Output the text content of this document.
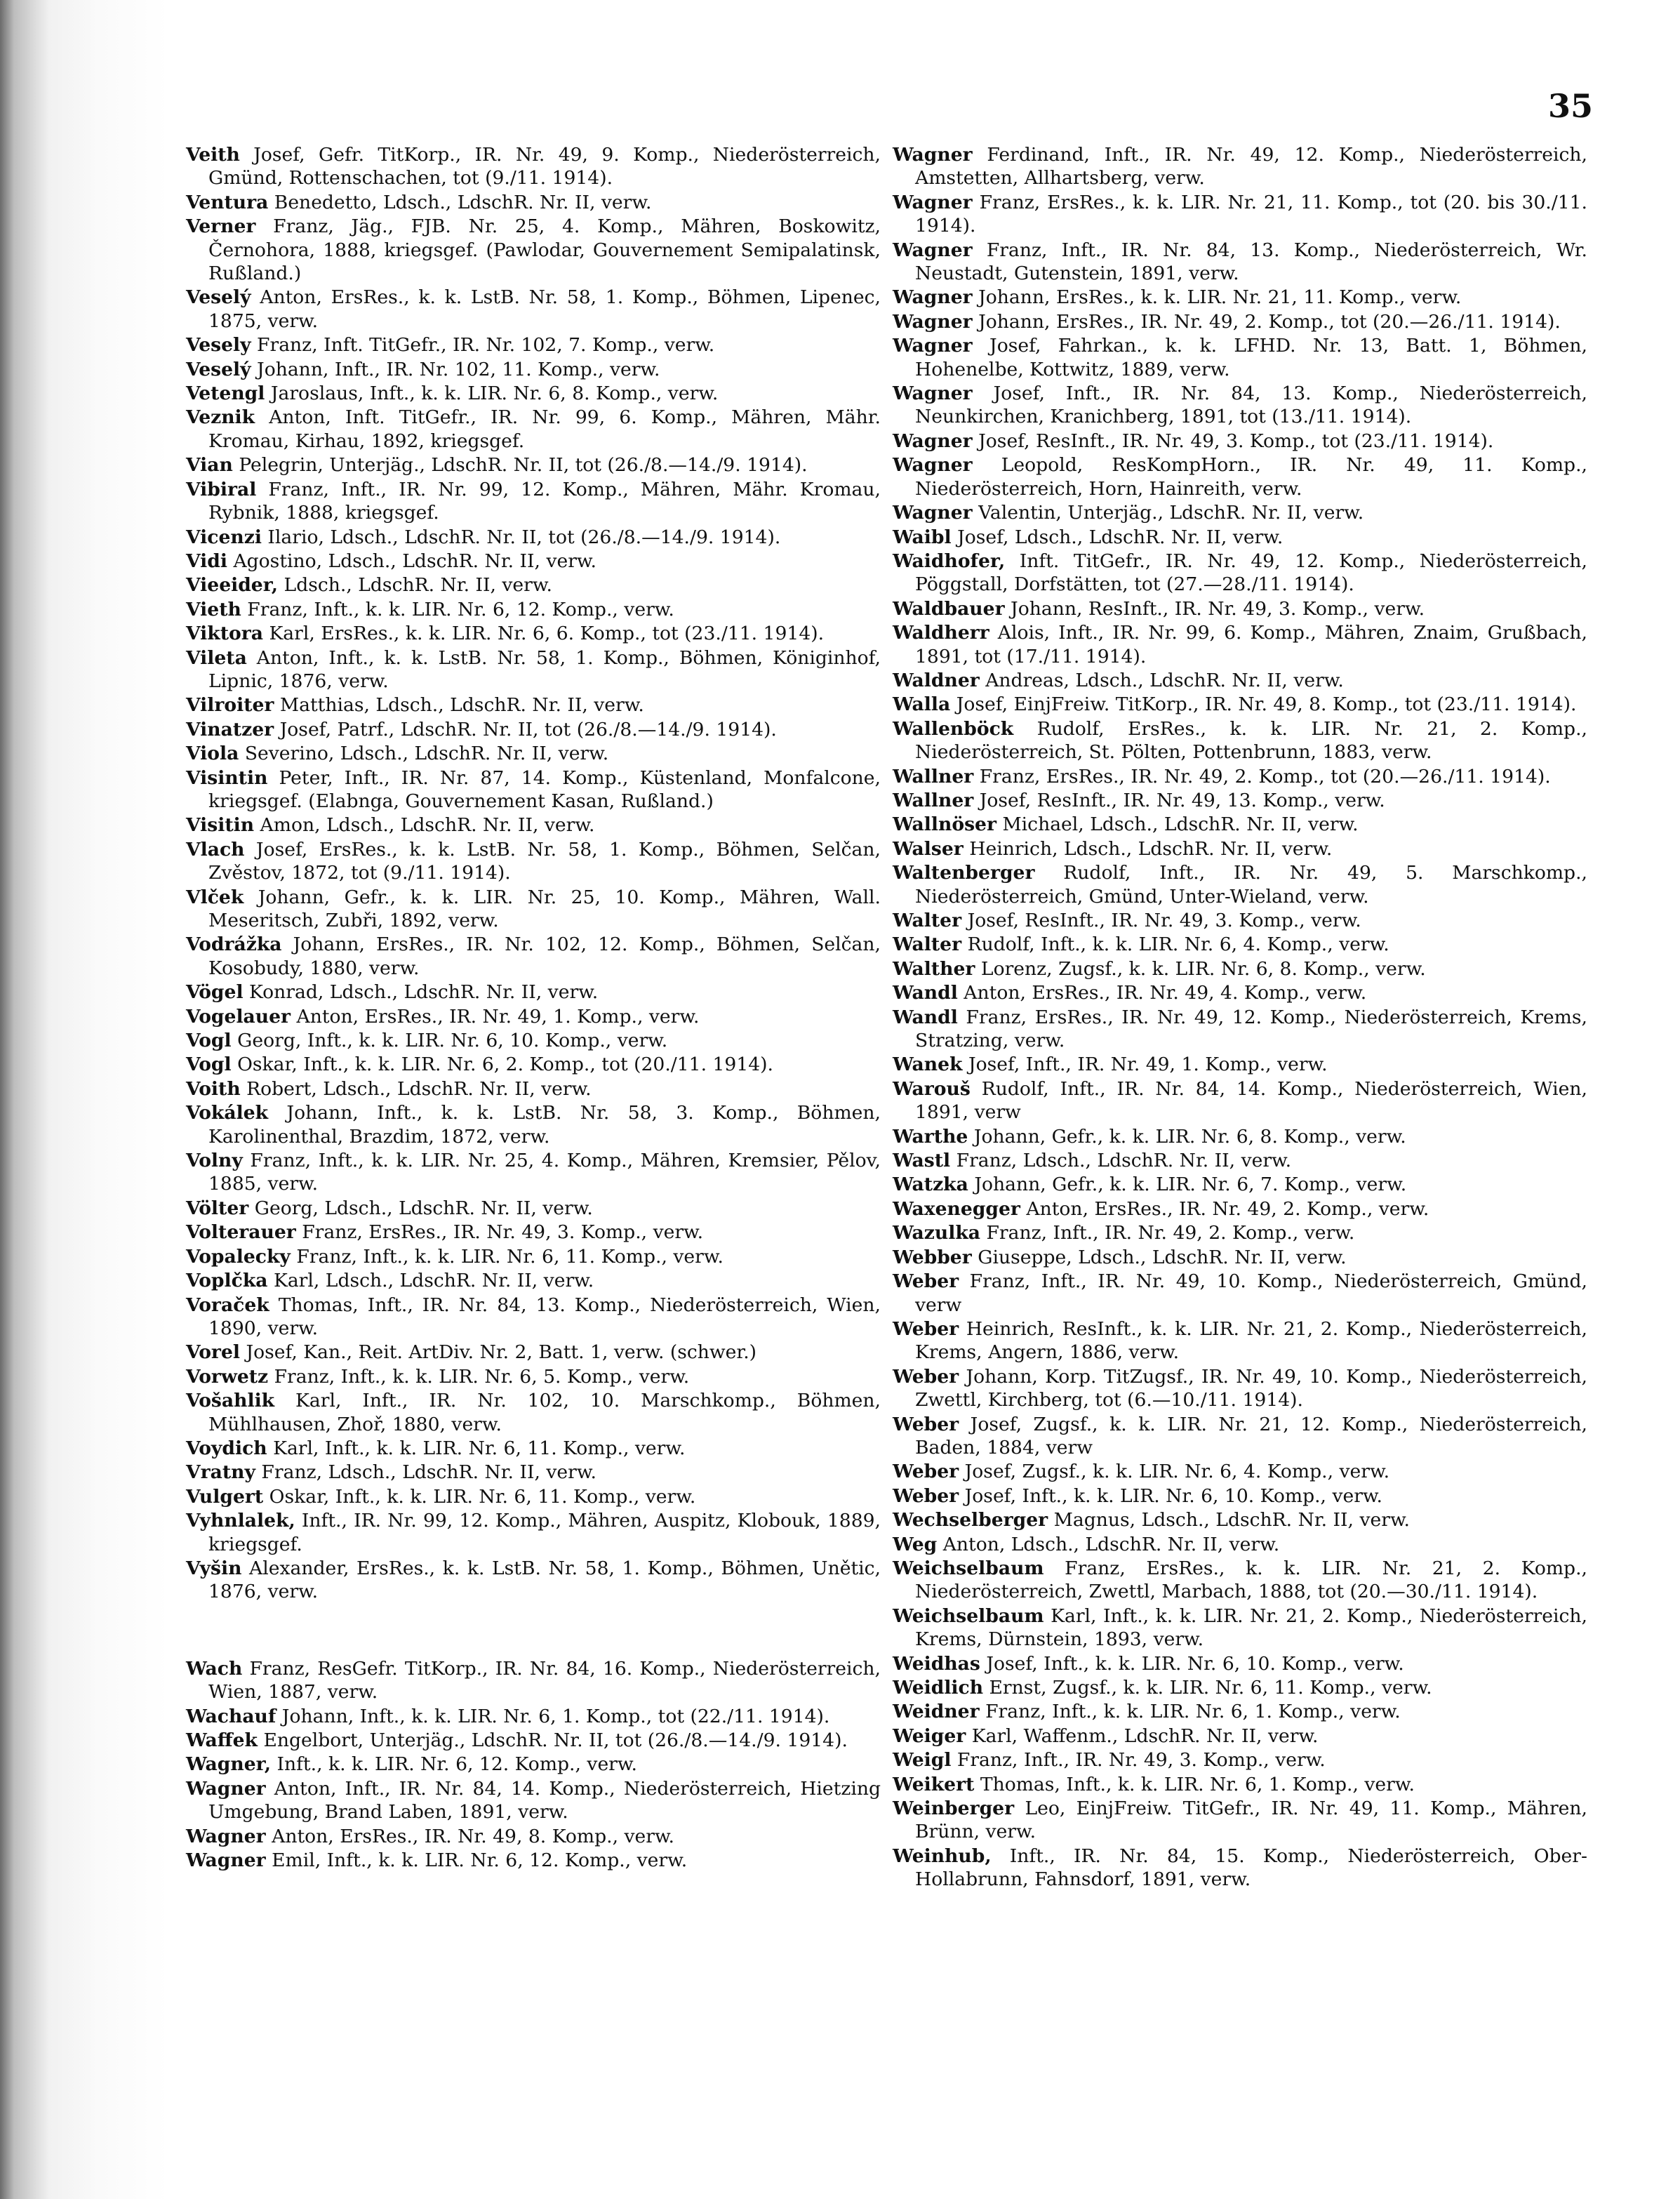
35

Veith Josef, Gefr. TitKorp., IR. Nr. 49, 9. Komp., Niederösterreich, Gmünd, Rottenschachen, tot (9./11. 1914).

Ventura Benedetto, Ldsch., LdschR. Nr. II, verw.

Verner Franz, Jäg., FJB. Nr. 25, 4. Komp., Mähren, Boskowitz, Černohora, 1888, kriegsgef. (Pawlodar, Gouvernement Semipalatinsk, Rußland.)

Veselý Anton, ErsRes., k. k. LstB. Nr. 58, 1. Komp., Böhmen, Lipenec, 1875, verw.

Vesely Franz, Inft. TitGefr., IR. Nr. 102, 7. Komp., verw.

Veselý Johann, Inft., IR. Nr. 102, 11. Komp., verw.

Vetengl Jaroslaus, Inft., k. k. LIR. Nr. 6, 8. Komp., verw.

Veznik Anton, Inft. TitGefr., IR. Nr. 99, 6. Komp., Mähren, Mähr. Kromau, Kirhau, 1892, kriegsgef.

Vian Pelegrin, Unterjäg., LdschR. Nr. II, tot (26./8.—14./9. 1914).

Vibiral Franz, Inft., IR. Nr. 99, 12. Komp., Mähren, Mähr. Kromau, Rybnik, 1888, kriegsgef.

Vicenzi Ilario, Ldsch., LdschR. Nr. II, tot (26./8.—14./9. 1914).

Vidi Agostino, Ldsch., LdschR. Nr. II, verw.

Vieeider, Ldsch., LdschR. Nr. II, verw.

Vieth Franz, Inft., k. k. LIR. Nr. 6, 12. Komp., verw.

Viktora Karl, ErsRes., k. k. LIR. Nr. 6, 6. Komp., tot (23./11. 1914).

Vileta Anton, Inft., k. k. LstB. Nr. 58, 1. Komp., Böhmen, Königinhof, Lipnic, 1876, verw.

Vilroiter Matthias, Ldsch., LdschR. Nr. II, verw.

Vinatzer Josef, Patrf., LdschR. Nr. II, tot (26./8.—14./9. 1914).

Viola Severino, Ldsch., LdschR. Nr. II, verw.

Visintin Peter, Inft., IR. Nr. 87, 14. Komp., Küstenland, Monfalcone, kriegsgef. (Elabnga, Gouvernement Kasan, Rußland.)

Visitin Amon, Ldsch., LdschR. Nr. II, verw.

Vlach Josef, ErsRes., k. k. LstB. Nr. 58, 1. Komp., Böhmen, Selčan, Zvěstov, 1872, tot (9./11. 1914).

Vlček Johann, Gefr., k. k. LIR. Nr. 25, 10. Komp., Mähren, Wall. Meseritsch, Zubři, 1892, verw.

Vodrážka Johann, ErsRes., IR. Nr. 102, 12. Komp., Böhmen, Selčan, Kosobudy, 1880, verw.

Vögel Konrad, Ldsch., LdschR. Nr. II, verw.

Vogelauer Anton, ErsRes., IR. Nr. 49, 1. Komp., verw.

Vogl Georg, Inft., k. k. LIR. Nr. 6, 10. Komp., verw.

Vogl Oskar, Inft., k. k. LIR. Nr. 6, 2. Komp., tot (20./11. 1914).

Voith Robert, Ldsch., LdschR. Nr. II, verw.

Vokálek Johann, Inft., k. k. LstB. Nr. 58, 3. Komp., Böhmen, Karolinenthal, Brazdim, 1872, verw.

Volny Franz, Inft., k. k. LIR. Nr. 25, 4. Komp., Mähren, Kremsier, Pělov, 1885, verw.

Völter Georg, Ldsch., LdschR. Nr. II, verw.

Volterauer Franz, ErsRes., IR. Nr. 49, 3. Komp., verw.

Vopalecky Franz, Inft., k. k. LIR. Nr. 6, 11. Komp., verw.

Voplčka Karl, Ldsch., LdschR. Nr. II, verw.

Voraček Thomas, Inft., IR. Nr. 84, 13. Komp., Niederösterreich, Wien, 1890, verw.

Vorel Josef, Kan., Reit. ArtDiv. Nr. 2, Batt. 1, verw. (schwer.)

Vorwetz Franz, Inft., k. k. LIR. Nr. 6, 5. Komp., verw.

Vošahlik Karl, Inft., IR. Nr. 102, 10. Marschkomp., Böhmen, Mühlhausen, Zhoř, 1880, verw.

Voydich Karl, Inft., k. k. LIR. Nr. 6, 11. Komp., verw.

Vratny Franz, Ldsch., LdschR. Nr. II, verw.

Vulgert Oskar, Inft., k. k. LIR. Nr. 6, 11. Komp., verw.

Vyhnlalek, Inft., IR. Nr. 99, 12. Komp., Mähren, Auspitz, Klobouk, 1889, kriegsgef.

Vyšin Alexander, ErsRes., k. k. LstB. Nr. 58, 1. Komp., Böhmen, Unětic, 1876, verw.

Wach Franz, ResGefr. TitKorp., IR. Nr. 84, 16. Komp., Niederösterreich, Wien, 1887, verw.

Wachauf Johann, Inft., k. k. LIR. Nr. 6, 1. Komp., tot (22./11. 1914).

Waffek Engelbort, Unterjäg., LdschR. Nr. II, tot (26./8.—14./9. 1914).

Wagner, Inft., k. k. LIR. Nr. 6, 12. Komp., verw.

Wagner Anton, Inft., IR. Nr. 84, 14. Komp., Niederösterreich, Hietzing Umgebung, Brand Laben, 1891, verw.

Wagner Anton, ErsRes., IR. Nr. 49, 8. Komp., verw.

Wagner Emil, Inft., k. k. LIR. Nr. 6, 12. Komp., verw.

Wagner Ferdinand, Inft., IR. Nr. 49, 12. Komp., Niederösterreich, Amstetten, Allhartsberg, verw.

Wagner Franz, ErsRes., k. k. LIR. Nr. 21, 11. Komp., tot (20. bis 30./11. 1914).

Wagner Franz, Inft., IR. Nr. 84, 13. Komp., Niederösterreich, Wr. Neustadt, Gutenstein, 1891, verw.

Wagner Johann, ErsRes., k. k. LIR. Nr. 21, 11. Komp., verw.

Wagner Johann, ErsRes., IR. Nr. 49, 2. Komp., tot (20.—26./11. 1914).

Wagner Josef, Fahrkan., k. k. LFHD. Nr. 13, Batt. 1, Böhmen, Hohenelbe, Kottwitz, 1889, verw.

Wagner Josef, Inft., IR. Nr. 84, 13. Komp., Niederösterreich, Neunkirchen, Kranichberg, 1891, tot (13./11. 1914).

Wagner Josef, ResInft., IR. Nr. 49, 3. Komp., tot (23./11. 1914).

Wagner Leopold, ResKompHorn., IR. Nr. 49, 11. Komp., Niederösterreich, Horn, Hainreith, verw.

Wagner Valentin, Unterjäg., LdschR. Nr. II, verw.

Waibl Josef, Ldsch., LdschR. Nr. II, verw.

Waidhofer, Inft. TitGefr., IR. Nr. 49, 12. Komp., Niederösterreich, Pöggstall, Dorfstätten, tot (27.—28./11. 1914).

Waldbauer Johann, ResInft., IR. Nr. 49, 3. Komp., verw.

Waldherr Alois, Inft., IR. Nr. 99, 6. Komp., Mähren, Znaim, Grußbach, 1891, tot (17./11. 1914).

Waldner Andreas, Ldsch., LdschR. Nr. II, verw.

Walla Josef, EinjFreiw. TitKorp., IR. Nr. 49, 8. Komp., tot (23./11. 1914).

Wallenböck Rudolf, ErsRes., k. k. LIR. Nr. 21, 2. Komp., Niederösterreich, St. Pölten, Pottenbrunn, 1883, verw.

Wallner Franz, ErsRes., IR. Nr. 49, 2. Komp., tot (20.—26./11. 1914).

Wallner Josef, ResInft., IR. Nr. 49, 13. Komp., verw.

Wallnöser Michael, Ldsch., LdschR. Nr. II, verw.

Walser Heinrich, Ldsch., LdschR. Nr. II, verw.

Waltenberger Rudolf, Inft., IR. Nr. 49, 5. Marschkomp., Niederösterreich, Gmünd, Unter-Wieland, verw.

Walter Josef, ResInft., IR. Nr. 49, 3. Komp., verw.

Walter Rudolf, Inft., k. k. LIR. Nr. 6, 4. Komp., verw.

Walther Lorenz, Zugsf., k. k. LIR. Nr. 6, 8. Komp., verw.

Wandl Anton, ErsRes., IR. Nr. 49, 4. Komp., verw.

Wandl Franz, ErsRes., IR. Nr. 49, 12. Komp., Niederösterreich, Krems, Stratzing, verw.

Wanek Josef, Inft., IR. Nr. 49, 1. Komp., verw.

Warouš Rudolf, Inft., IR. Nr. 84, 14. Komp., Niederösterreich, Wien, 1891, verw

Warthe Johann, Gefr., k. k. LIR. Nr. 6, 8. Komp., verw.

Wastl Franz, Ldsch., LdschR. Nr. II, verw.

Watzka Johann, Gefr., k. k. LIR. Nr. 6, 7. Komp., verw.

Waxenegger Anton, ErsRes., IR. Nr. 49, 2. Komp., verw.

Wazulka Franz, Inft., IR. Nr. 49, 2. Komp., verw.

Webber Giuseppe, Ldsch., LdschR. Nr. II, verw.

Weber Franz, Inft., IR. Nr. 49, 10. Komp., Niederösterreich, Gmünd, verw

Weber Heinrich, ResInft., k. k. LIR. Nr. 21, 2. Komp., Niederösterreich, Krems, Angern, 1886, verw.

Weber Johann, Korp. TitZugsf., IR. Nr. 49, 10. Komp., Niederösterreich, Zwettl, Kirchberg, tot (6.—10./11. 1914).

Weber Josef, Zugsf., k. k. LIR. Nr. 21, 12. Komp., Niederösterreich, Baden, 1884, verw

Weber Josef, Zugsf., k. k. LIR. Nr. 6, 4. Komp., verw.

Weber Josef, Inft., k. k. LIR. Nr. 6, 10. Komp., verw.

Wechselberger Magnus, Ldsch., LdschR. Nr. II, verw.

Weg Anton, Ldsch., LdschR. Nr. II, verw.

Weichselbaum Franz, ErsRes., k. k. LIR. Nr. 21, 2. Komp., Niederösterreich, Zwettl, Marbach, 1888, tot (20.—30./11. 1914).

Weichselbaum Karl, Inft., k. k. LIR. Nr. 21, 2. Komp., Niederösterreich, Krems, Dürnstein, 1893, verw.

Weidhas Josef, Inft., k. k. LIR. Nr. 6, 10. Komp., verw.

Weidlich Ernst, Zugsf., k. k. LIR. Nr. 6, 11. Komp., verw.

Weidner Franz, Inft., k. k. LIR. Nr. 6, 1. Komp., verw.

Weiger Karl, Waffenm., LdschR. Nr. II, verw.

Weigl Franz, Inft., IR. Nr. 49, 3. Komp., verw.

Weikert Thomas, Inft., k. k. LIR. Nr. 6, 1. Komp., verw.

Weinberger Leo, EinjFreiw. TitGefr., IR. Nr. 49, 11. Komp., Mähren, Brünn, verw.

Weinhub, Inft., IR. Nr. 84, 15. Komp., Niederösterreich, Ober-Hollabrunn, Fahnsdorf, 1891, verw.
